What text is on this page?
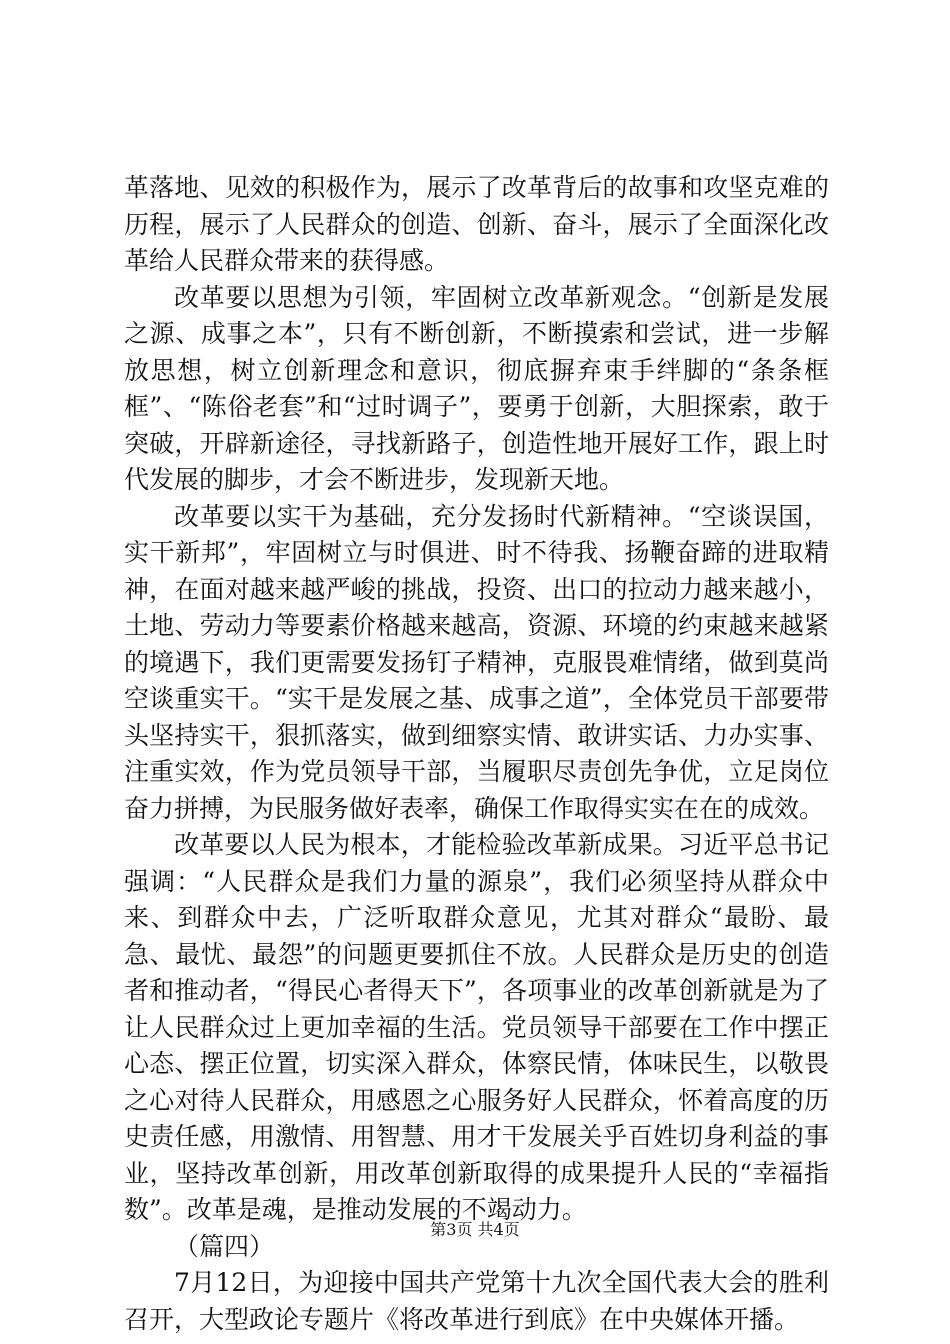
革落地、见效的积极作为，展示了改革背后的故事和攻坚克难的历程，展示了人民群众的创造、创新、奋斗，展示了全面深化改革给人民群众带来的获得感。

改革要以思想为引领，牢固树立改革新观念。“创新是发展之源、成事之本”，只有不断创新，不断摸索和尝试，进一步解放思想，树立创新理念和意识，彻底摒弃束手绊脚的“条条框框”、“陈俗老套”和“过时调子”，要勇于创新，大胆探索，敢于突破，开辟新途径，寻找新路子，创造性地开展好工作，跟上时代发展的脚步，才会不断进步，发现新天地。

改革要以实干为基础，充分发扬时代新精神。“空谈误国，实干新邦”，牢固树立与时俱进、时不待我、扬鞭奋蹄的进取精神，在面对越来越严峻的挑战，投资、出口的拉动力越来越小，土地、劳动力等要素价格越来越高，资源、环境的约束越来越紧的境遇下，我们更需要发扬钉子精神，克服畏难情绪，做到莫尚空谈重实干。“实干是发展之基、成事之道”，全体党员干部要带头坚持实干，狠抓落实，做到细察实情、敢讲实话、力办实事、注重实效，作为党员领导干部，当履职尽责创先争优，立足岗位奋力拼搏，为民服务做好表率，确保工作取得实实在在的成效。

改革要以人民为根本，才能检验改革新成果。习近平总书记强调：“人民群众是我们力量的源泉”，我们必须坚持从群众中来、到群众中去，广泛听取群众意见，尤其对群众“最盼、最急、最忧、最怨”的问题更要抓住不放。人民群众是历史的创造者和推动者，“得民心者得天下”，各项事业的改革创新就是为了让人民群众过上更加幸福的生活。党员领导干部要在工作中摆正心态、摆正位置，切实深入群众，体察民情，体味民生，以敬畏之心对待人民群众，用感恩之心服务好人民群众，怀着高度的历史责任感，用激情、用智慧、用才干发展关乎百姓切身利益的事业，坚持改革创新，用改革创新取得的成果提升人民的“幸福指数”。改革是魂，是推动发展的不竭动力。

（篇四）

7月12日，为迎接中国共产党第十九次全国代表大会的胜利召开，大型政论专题片《将改革进行到底》在中央媒体开播。

第3页 共4页
